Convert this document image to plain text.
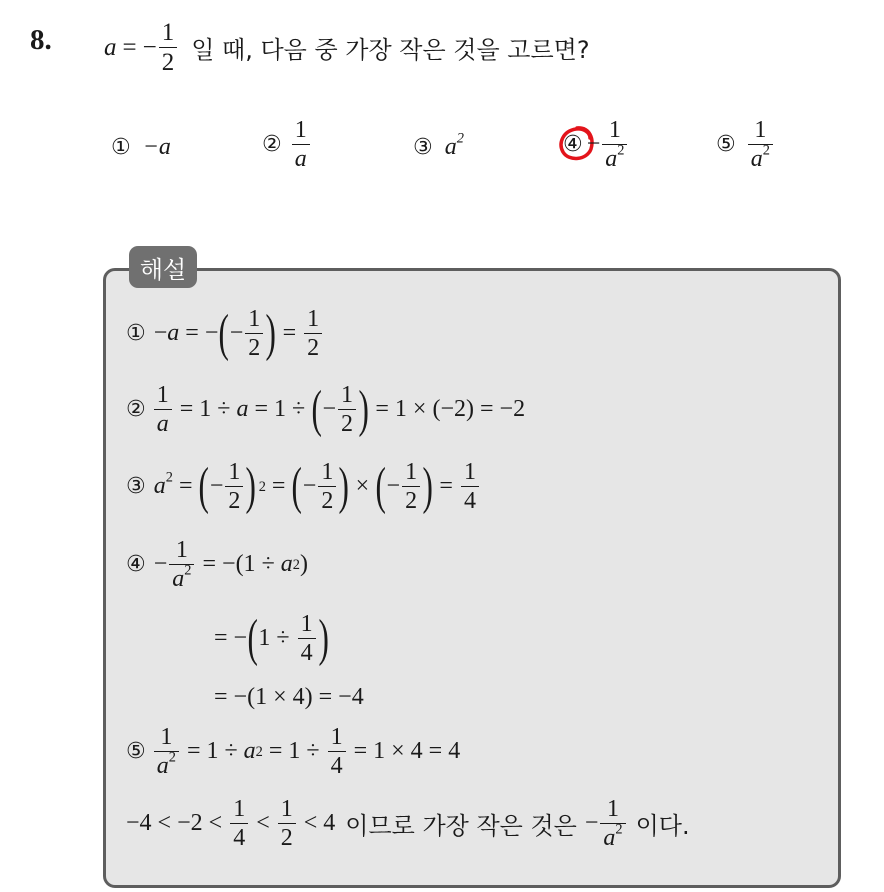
8. a = − $\frac{1}{2}$ 일 때, 다음 중 가장 작은 것을 고르면?
① −a	② $\frac{1}{a}$	③ $a^2$	④ − $\frac{1}{a^2}$	⑤ $\frac{1}{a^2}$
해설
① −a = − ( − $\frac{1}{2}$ ) = $\frac{1}{2}$
② $\frac{1}{a} = 1 \div a = 1$ ÷ ( − $\frac{1}{2}$ ) = 1 × (−2) = −2
③ $a^2$ = ( − $\frac{1}{2}$ ) 2 = ( − $\frac{1}{2}$ ) × ( − $\frac{1}{2}$ ) = $\frac{1}{4}$
④ − $\frac{1}{a^2} = -(1 \div a$ 2 )
= − ( $1 \div \frac{1}{4}$ )
= −(1 × 4) = −4
⑤ $\frac{1}{a^2} = 1 \div a$ $2 = 1 \div \frac{1}{4} = 1 \times 4 = 4$
$-4 < -2 < \frac{1}{4} < \frac{1}{2} < 4$ 이므로 가장 작은 것은 − $\frac{1}{a^2}$ 이다.
